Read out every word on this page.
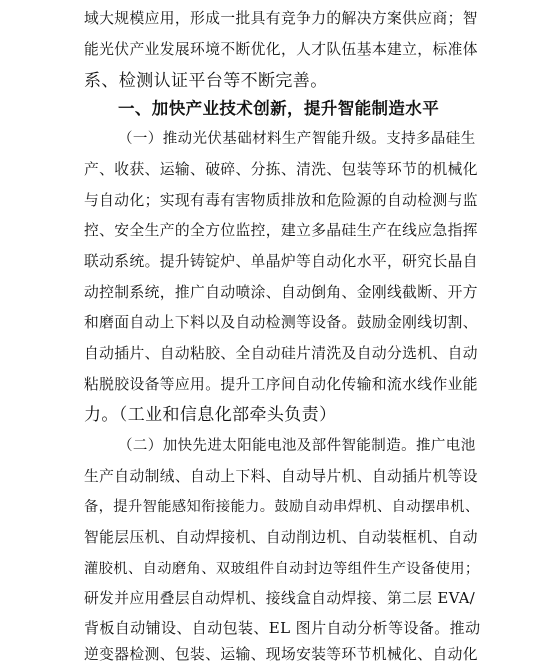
域大规模应用，形成一批具有竞争力的解决方案供应商；智
能光伏产业发展环境不断优化，人才队伍基本建立，标准体
系、检测认证平台等不断完善。
一、加快产业技术创新，提升智能制造水平
（一）推动光伏基础材料生产智能升级。支持多晶硅生
产、收获、运输、破碎、分拣、清洗、包装等环节的机械化
与自动化；实现有毒有害物质排放和危险源的自动检测与监
控、安全生产的全方位监控，建立多晶硅生产在线应急指挥
联动系统。提升铸锭炉、单晶炉等自动化水平，研究长晶自
动控制系统，推广自动喷涂、自动倒角、金刚线截断、开方
和磨面自动上下料以及自动检测等设备。鼓励金刚线切割、
自动插片、自动粘胶、全自动硅片清洗及自动分选机、自动
粘脱胶设备等应用。提升工序间自动化传输和流水线作业能
力。（工业和信息化部牵头负责）
（二）加快先进太阳能电池及部件智能制造。推广电池
生产自动制绒、自动上下料、自动导片机、自动插片机等设
备，提升智能感知衔接能力。鼓励自动串焊机、自动摆串机、
智能层压机、自动焊接机、自动削边机、自动装框机、自动
灌胶机、自动磨角、双玻组件自动封边等组件生产设备使用；
研发并应用叠层自动焊机、接线盒自动焊接、第二层 EVA/
背板自动铺设、自动包装、EL 图片自动分析等设备。推动
逆变器检测、包装、运输、现场安装等环节机械化、自动化
